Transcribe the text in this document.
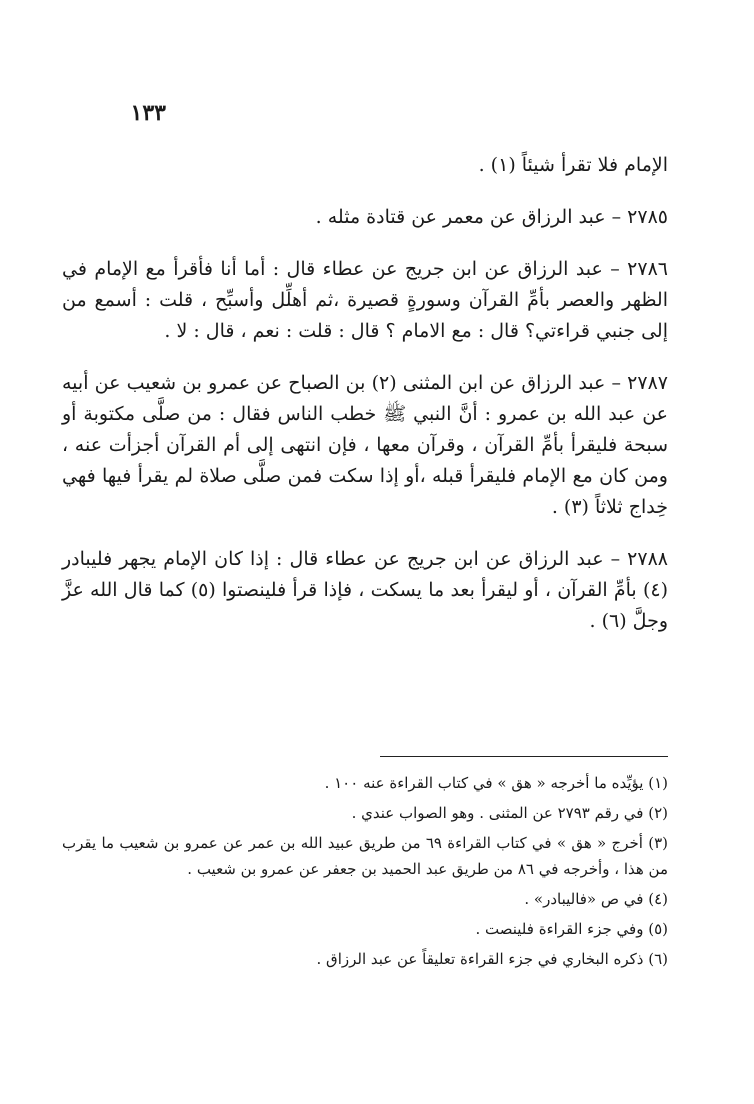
١٣٣

الإمام فلا تقرأ شيئاً (١) .

٢٧٨٥ – عبد الرزاق عن معمر عن قتادة مثله .

٢٧٨٦ – عبد الرزاق عن ابن جريج عن عطاء قال : أما أنا فأقرأ مع الإمام في الظهر والعصر بأمِّ القرآن وسورةٍ قصيرة ،ثم أهلِّل وأسبِّح ، قلت : أسمع من إلى جنبي قراءتي؟ قال : مع الامام ؟ قال : قلت : نعم ، قال : لا .

٢٧٨٧ – عبد الرزاق عن ابن المثنى (٢) بن الصباح عن عمرو بن شعيب عن أبيه عن عبد الله بن عمرو : أنَّ النبي ﷺ خطب الناس فقال : من صلَّى مكتوبة أو سبحة فليقرأ بأمِّ القرآن ، وقرآن معها ، فإن انتهى إلى أم القرآن أجزأت عنه ، ومن كان مع الإمام فليقرأ قبله ،أو إذا سكت فمن صلَّى صلاة لم يقرأ فيها فهي خِداج ثلاثاً (٣) .

٢٧٨٨ – عبد الرزاق عن ابن جريج عن عطاء قال : إذا كان الإمام يجهر فليبادر (٤) بأمِّ القرآن ، أو ليقرأ بعد ما يسكت ، فإذا قرأ فلينصتوا (٥) كما قال الله عزَّ وجلَّ (٦) .

(١) يؤيِّده ما أخرجه « هق » في كتاب القراءة عنه ١٠٠ .

(٢) في رقم ٢٧٩٣ عن المثنى . وهو الصواب عندي .

(٣) أخرج « هق » في كتاب القراءة ٦٩ من طريق عبيد الله بن عمر عن عمرو بن شعيب ما يقرب من هذا ، وأخرجه في ٨٦ من طريق عبد الحميد بن جعفر عن عمرو بن شعيب .

(٤) في ص «فاليبادر» .

(٥) وفي جزء القراءة فلينصت .

(٦) ذكره البخاري في جزء القراءة تعليقاً عن عبد الرزاق .
